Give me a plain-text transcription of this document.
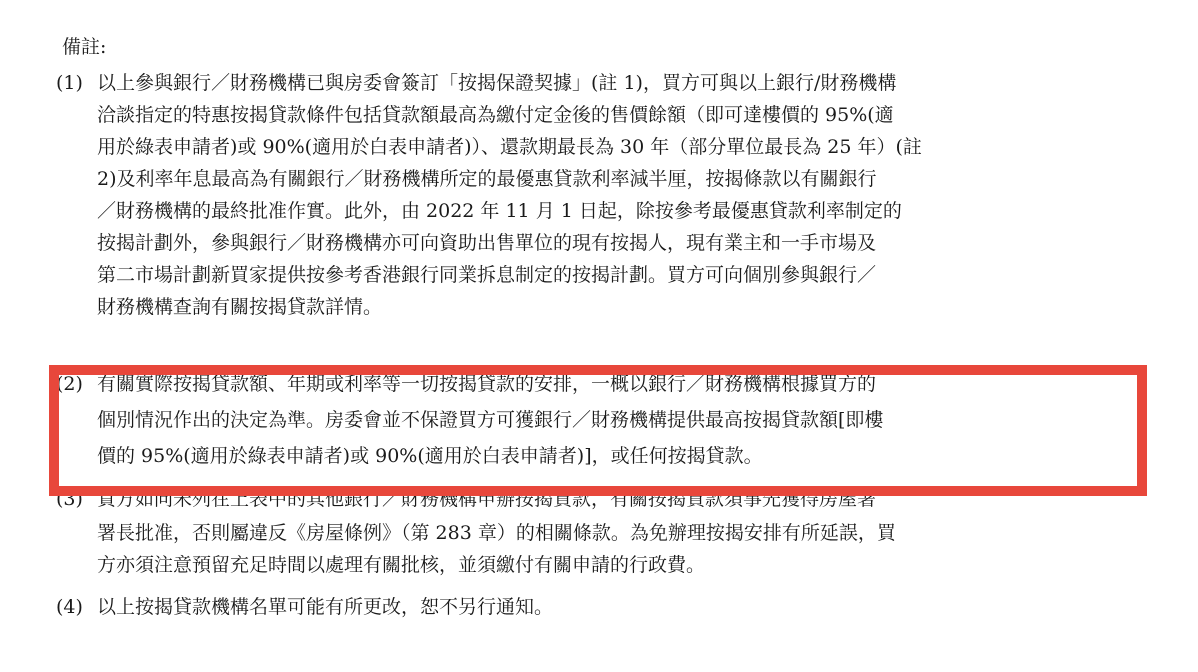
備註:
(1) 以上參與銀行／財務機構已與房委會簽訂「按揭保證契據」(註 1)，買方可與以上銀行/財務機構
洽談指定的特惠按揭貸款條件包括貸款額最高為繳付定金後的售價餘額（即可達樓價的 95%(適
用於綠表申請者)或 90%(適用於白表申請者)）、還款期最長為 30 年（部分單位最長為 25 年）(註
2)及利率年息最高為有關銀行／財務機構所定的最優惠貸款利率減半厘，按揭條款以有關銀行
／財務機構的最終批准作實。此外，由 2022 年 11 月 1 日起，除按參考最優惠貸款利率制定的
按揭計劃外，參與銀行／財務機構亦可向資助出售單位的現有按揭人，現有業主和一手市場及
第二市場計劃新買家提供按參考香港銀行同業拆息制定的按揭計劃。買方可向個別參與銀行／
財務機構查詢有關按揭貸款詳情。
(2) 有關實際按揭貸款額、年期或利率等一切按揭貸款的安排，一概以銀行／財務機構根據買方的
個別情況作出的決定為準。房委會並不保證買方可獲銀行／財務機構提供最高按揭貸款額[即樓
價的 95%(適用於綠表申請者)或 90%(適用於白表申請者)]，或任何按揭貸款。
(3) 買方如向未列在上表中的其他銀行／財務機構申辦按揭貸款，有關按揭貸款須事先獲得房屋署
署長批准，否則屬違反《房屋條例》（第 283 章）的相關條款。為免辦理按揭安排有所延誤，買
方亦須注意預留充足時間以處理有關批核，並須繳付有關申請的行政費。
(4) 以上按揭貸款機構名單可能有所更改，恕不另行通知。
